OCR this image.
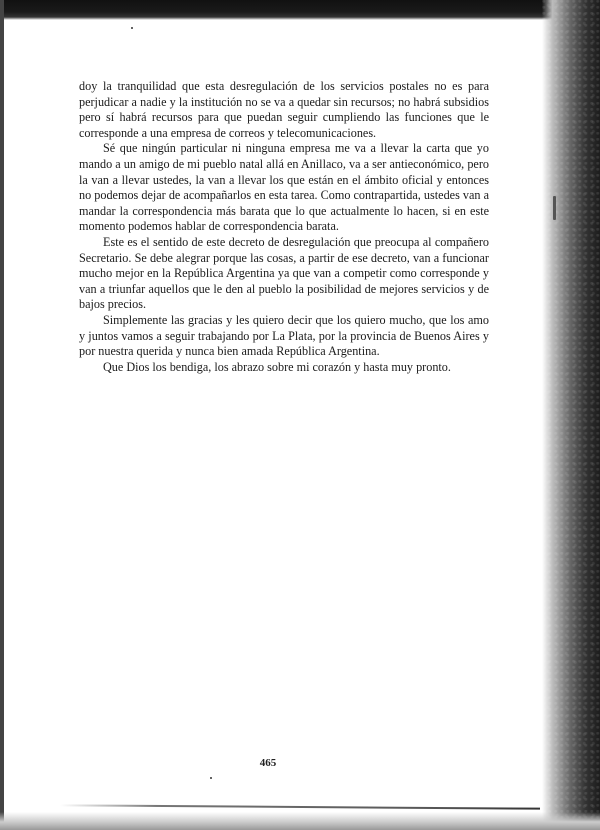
doy la tranquilidad que esta desregulación de los servicios postales no es para perjudicar a nadie y la institución no se va a quedar sin recursos; no habrá subsidios pero sí habrá recursos para que puedan seguir cumpliendo las funciones que le corresponde a una empresa de correos y telecomunicaciones.

Sé que ningún particular ni ninguna empresa me va a llevar la carta que yo mando a un amigo de mi pueblo natal allá en Anillaco, va a ser antieconómico, pero la van a llevar ustedes, la van a llevar los que están en el ámbito oficial y entonces no podemos dejar de acompañarlos en esta tarea. Como contrapartida, ustedes van a mandar la correspondencia más barata que lo que actualmente lo hacen, si en este momento podemos hablar de correspondencia barata.

Este es el sentido de este decreto de desregulación que preocupa al compañero Secretario. Se debe alegrar porque las cosas, a partir de ese decreto, van a funcionar mucho mejor en la República Argentina ya que van a competir como corresponde y van a triunfar aquellos que le den al pueblo la posibilidad de mejores servicios y de bajos precios.

Simplemente las gracias y les quiero decir que los quiero mucho, que los amo y juntos vamos a seguir trabajando por La Plata, por la provincia de Buenos Aires y por nuestra querida y nunca bien amada República Argentina.

Que Dios los bendiga, los abrazo sobre mi corazón y hasta muy pronto.

465
